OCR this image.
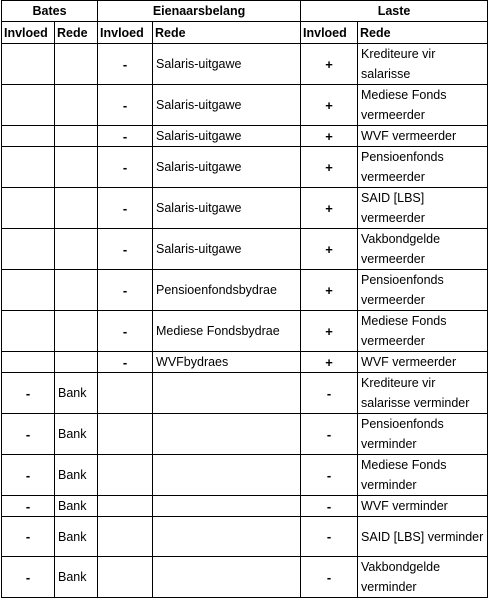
Bates		Eienaarsbelang		Laste	
Invloed	Rede	Invloed	Rede	Invloed	Rede
		-	Salaris-uitgawe	+	Krediteure vir salarisse
		-	Salaris-uitgawe	+	Mediese Fonds vermeerder
		-	Salaris-uitgawe	+	WVF vermeerder
		-	Salaris-uitgawe	+	Pensioenfonds vermeerder
		-	Salaris-uitgawe	+	SAID [LBS] vermeerder
		-	Salaris-uitgawe	+	Vakbondgelde vermeerder
		-	Pensioenfondsbydrae	+	Pensioenfonds vermeerder
		-	Mediese Fondsbydrae	+	Mediese Fonds vermeerder
		-	WVFbydraes	+	WVF vermeerder
-	Bank			-	Krediteure vir salarisse verminder
-	Bank			-	Pensioenfonds verminder
-	Bank			-	Mediese Fonds verminder
-	Bank			-	WVF verminder
-	Bank			-	SAID [LBS] verminder
-	Bank			-	Vakbondgelde verminder
